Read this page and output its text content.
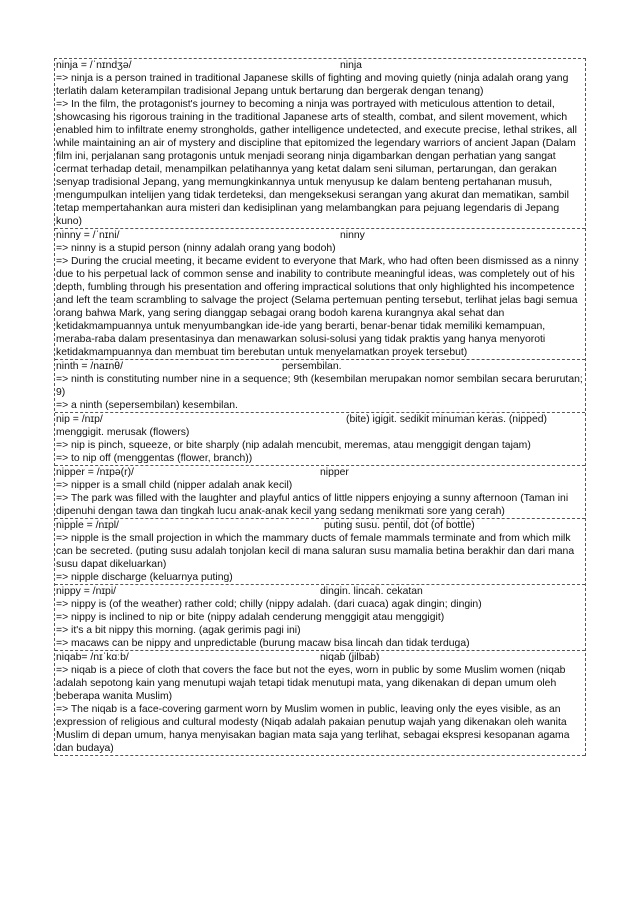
ninja = /ˈnɪndʒə/	ninja

=> ninja is a person trained in traditional Japanese skills of fighting and moving quietly (ninja adalah orang yang terlatih dalam keterampilan tradisional Jepang untuk bertarung dan bergerak dengan tenang)

=> In the film, the protagonist's journey to becoming a ninja was portrayed with meticulous attention to detail, showcasing his rigorous training in the traditional Japanese arts of stealth, combat, and silent movement, which enabled him to infiltrate enemy strongholds, gather intelligence undetected, and execute precise, lethal strikes, all while maintaining an air of mystery and discipline that epitomized the legendary warriors of ancient Japan (Dalam film ini, perjalanan sang protagonis untuk menjadi seorang ninja digambarkan dengan perhatian yang sangat cermat terhadap detail, menampilkan pelatihannya yang ketat dalam seni siluman, pertarungan, dan gerakan senyap tradisional Jepang, yang memungkinkannya untuk menyusup ke dalam benteng pertahanan musuh, mengumpulkan intelijen yang tidak terdeteksi, dan mengeksekusi serangan yang akurat dan mematikan, sambil tetap mempertahankan aura misteri dan kedisiplinan yang melambangkan para pejuang legendaris di Jepang kuno)

ninny = /ˈnɪni/	ninny

=> ninny is a stupid person (ninny adalah orang yang bodoh)

=> During the crucial meeting, it became evident to everyone that Mark, who had often been dismissed as a ninny due to his perpetual lack of common sense and inability to contribute meaningful ideas, was completely out of his depth, fumbling through his presentation and offering impractical solutions that only highlighted his incompetence and left the team scrambling to salvage the project (Selama pertemuan penting tersebut, terlihat jelas bagi semua orang bahwa Mark, yang sering dianggap sebagai orang bodoh karena kurangnya akal sehat dan ketidakmampuannya untuk menyumbangkan ide-ide yang berarti, benar-benar tidak memiliki kemampuan, meraba-raba dalam presentasinya dan menawarkan solusi-solusi yang tidak praktis yang hanya menyoroti ketidakmampuannya dan membuat tim berebutan untuk menyelamatkan proyek tersebut)

ninth = /naɪnθ/	persembilan.

=> ninth is constituting number nine in a sequence; 9th (kesembilan merupakan nomor sembilan secara berurutan; 9)

=> a ninth (sepersembilan) kesembilan.

nip = /nɪp/	(bite) igigit. sedikit minuman keras. (nipped)

menggigit. merusak (flowers)

=> nip is pinch, squeeze, or bite sharply (nip adalah mencubit, meremas, atau menggigit dengan tajam)

=> to nip off (menggentas (flower, branch))

nipper = /nɪpə(r)/	nipper

=> nipper is a small child (nipper adalah anak kecil)

=> The park was filled with the laughter and playful antics of little nippers enjoying a sunny afternoon (Taman ini dipenuhi dengan tawa dan tingkah lucu anak-anak kecil yang sedang menikmati sore yang cerah)

nipple = /nɪpl/	puting susu. pentil, dot (of bottle)

=> nipple is the small projection in which the mammary ducts of female mammals terminate and from which milk can be secreted. (puting susu adalah tonjolan kecil di mana saluran susu mamalia betina berakhir dan dari mana susu dapat dikeluarkan)

=> nipple discharge (keluarnya puting)

nippy = /nɪpi/	dingin. lincah. cekatan

=> nippy is (of the weather) rather cold; chilly (nippy adalah. (dari cuaca) agak dingin; dingin)

=> nippy is inclined to nip or bite (nippy adalah cenderung menggigit atau menggigit)

=> it's a bit nippy this morning. (agak gerimis pagi ini)

=> macaws can be nippy and unpredictable (burung macaw bisa lincah dan tidak terduga)

niqab= /nɪˈkɑːb/	niqab (jilbab)

=> niqab is a piece of cloth that covers the face but not the eyes, worn in public by some Muslim women (niqab adalah sepotong kain yang menutupi wajah tetapi tidak menutupi mata, yang dikenakan di depan umum oleh beberapa wanita Muslim)

=> The niqab is a face-covering garment worn by Muslim women in public, leaving only the eyes visible, as an expression of religious and cultural modesty (Niqab adalah pakaian penutup wajah yang dikenakan oleh wanita Muslim di depan umum, hanya menyisakan bagian mata saja yang terlihat, sebagai ekspresi kesopanan agama dan budaya)
